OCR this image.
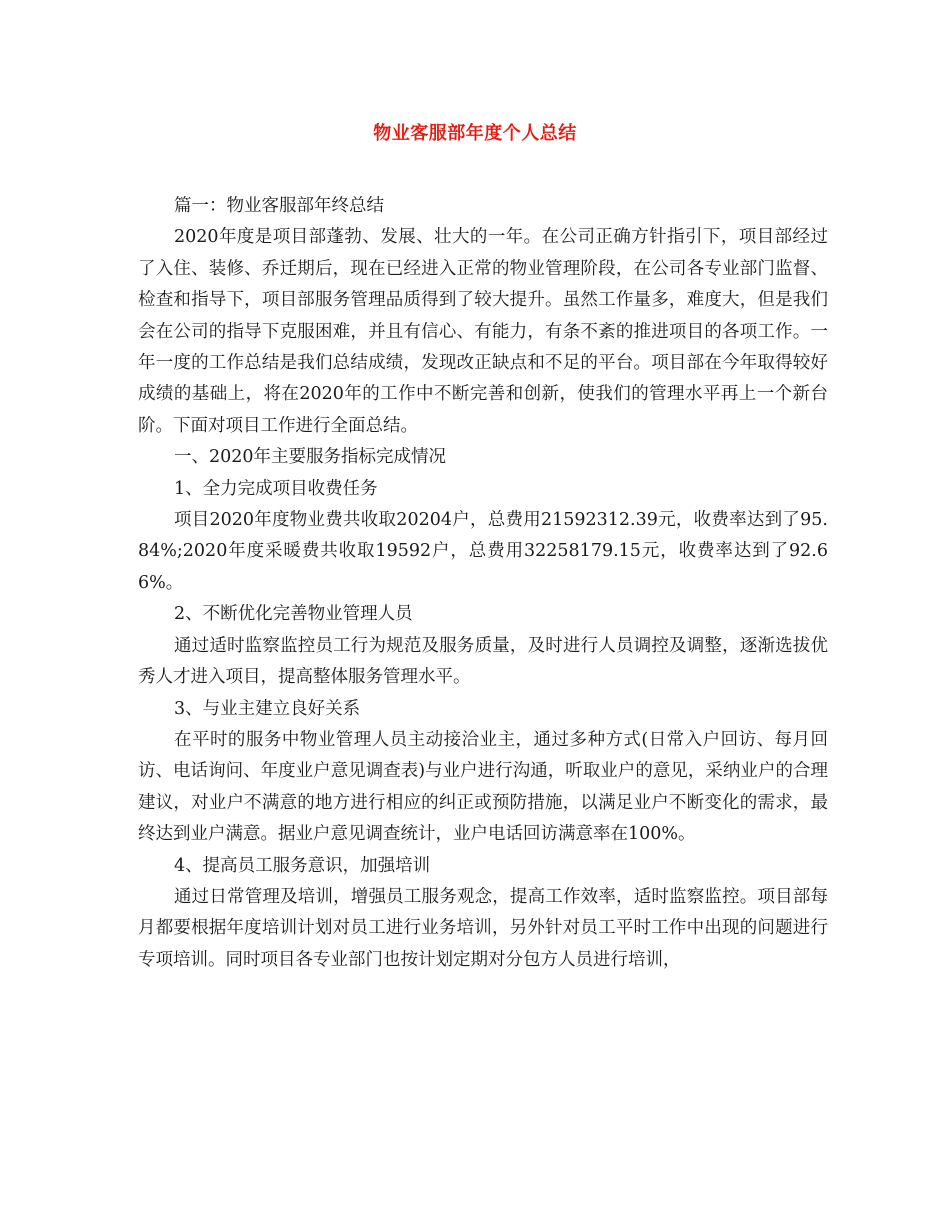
物业客服部年度个人总结

篇一：物业客服部年终总结

2020年度是项目部蓬勃、发展、壮大的一年。在公司正确方针指引下，项目部经过了入住、装修、乔迁期后，现在已经进入正常的物业管理阶段，在公司各专业部门监督、检查和指导下，项目部服务管理品质得到了较大提升。虽然工作量多，难度大，但是我们会在公司的指导下克服困难，并且有信心、有能力，有条不紊的推进项目的各项工作。一年一度的工作总结是我们总结成绩，发现改正缺点和不足的平台。项目部在今年取得较好成绩的基础上，将在2020年的工作中不断完善和创新，使我们的管理水平再上一个新台阶。下面对项目工作进行全面总结。

一、2020年主要服务指标完成情况

1、全力完成项目收费任务

项目2020年度物业费共收取20204户，总费用21592312.39元，收费率达到了95.84%;2020年度采暖费共收取19592户，总费用32258179.15元，收费率达到了92.66%。

2、不断优化完善物业管理人员

通过适时监察监控员工行为规范及服务质量，及时进行人员调控及调整，逐渐选拔优秀人才进入项目，提高整体服务管理水平。

3、与业主建立良好关系

在平时的服务中物业管理人员主动接洽业主，通过多种方式(日常入户回访、每月回访、电话询问、年度业户意见调查表)与业户进行沟通，听取业户的意见，采纳业户的合理建议，对业户不满意的地方进行相应的纠正或预防措施，以满足业户不断变化的需求，最终达到业户满意。据业户意见调查统计，业户电话回访满意率在100%。

4、提高员工服务意识，加强培训

通过日常管理及培训，增强员工服务观念，提高工作效率，适时监察监控。项目部每月都要根据年度培训计划对员工进行业务培训，另外针对员工平时工作中出现的问题进行专项培训。同时项目各专业部门也按计划定期对分包方人员进行培训，
